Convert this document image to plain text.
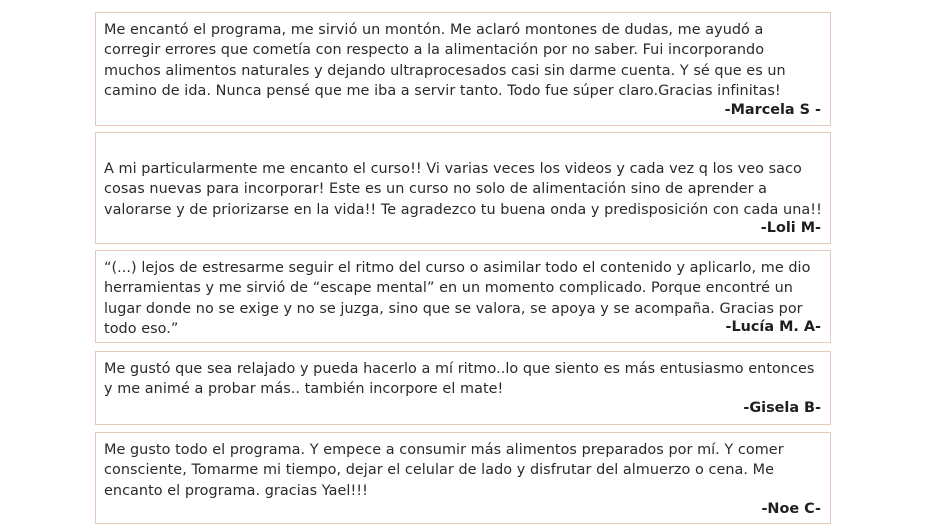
Me encantó el programa, me sirvió un montón. Me aclaró montones de dudas, me ayudó a corregir errores que cometía con respecto a la alimentación por no saber. Fui incorporando muchos alimentos naturales y dejando ultraprocesados casi sin darme cuenta. Y sé que es un camino de ida. Nunca pensé que me iba a servir tanto. Todo fue súper claro.Gracias infinitas!

-Marcela S -

A mi particularmente me encanto el curso!! Vi varias veces los videos y cada vez q los veo saco cosas nuevas para incorporar! Este es un curso no solo de alimentación sino de aprender a valorarse y de priorizarse en la vida!! Te agradezco tu buena onda y predisposición con cada una!!

-Loli M-

“(...) lejos de estresarme seguir el ritmo del curso o asimilar todo el contenido y aplicarlo, me dio herramientas y me sirvió de “escape mental” en un momento complicado. Porque encontré un lugar donde no se exige y no se juzga, sino que se valora, se apoya y se acompaña. Gracias por todo eso.”	-Lucía M. A-

Me gustó que sea relajado y pueda hacerlo a mí ritmo..lo que siento es más entusiasmo entonces y me animé a probar más.. también incorpore el mate!

-Gisela B-

Me gusto todo el programa. Y empece a consumir más alimentos preparados por mí. Y comer consciente, Tomarme mi tiempo, dejar el celular de lado y disfrutar del almuerzo o cena. Me encanto el programa. gracias Yael!!!

-Noe C-
